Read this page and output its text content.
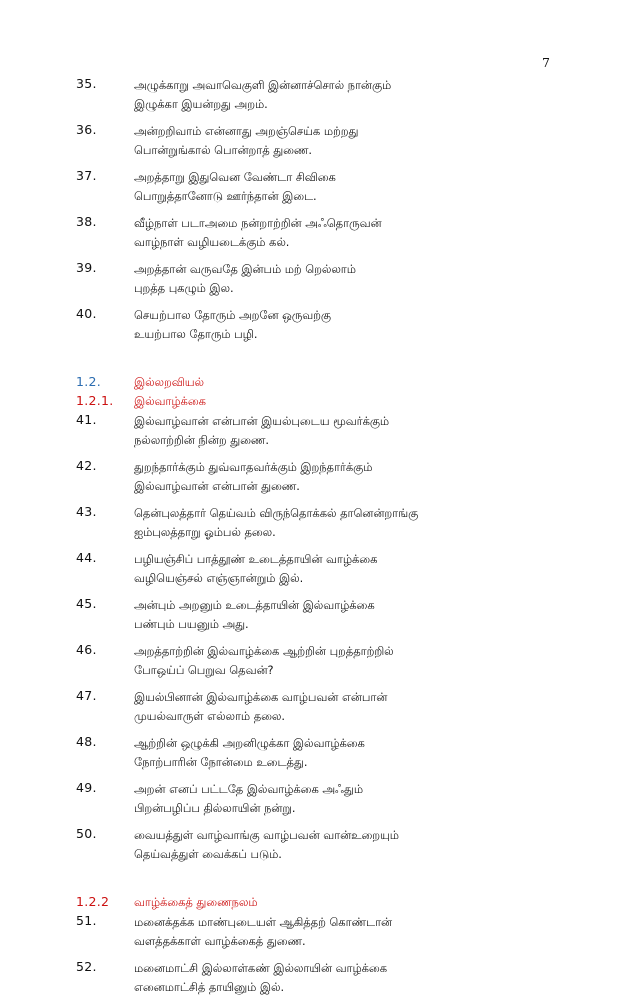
7
35.	அழுக்காறு அவாவெகுளி இன்னாச்சொல் நான்கும்
இழுக்கா இயன்றது அறம்.
36.	அன்றறிவாம் என்னாது அறஞ்செய்க மற்றது
பொன்றுங்கால் பொன்றாத் துணை.
37.	அறத்தாறு இதுவென வேண்டா சிவிகை
பொறுத்தானோடு ஊர்ந்தான் இடை.
38.	வீழ்நாள் படாஅமை நன்றாற்றின் அஃதொருவன்
வாழ்நாள் வழியடைக்கும் கல்.
39.	அறத்தான் வருவதே இன்பம் மற் றெல்லாம்
புறத்த புகழும் இல.
40.	செயற்பால தோரும் அறனே ஒருவற்கு
உயற்பால தோரும் பழி.
1.2.	இல்லறவியல்
1.2.1. இல்வாழ்க்கை
41.	இல்வாழ்வான் என்பான் இயல்புடைய மூவர்க்கும்
நல்லாற்றின் நின்ற துணை.
42.	துறந்தார்க்கும் துவ்வாதவர்க்கும் இறந்தார்க்கும்
இல்வாழ்வான் என்பான் துணை.
43.	தென்புலத்தார் தெய்வம் விருந்தொக்கல் தானென்றாங்கு
ஐம்புலத்தாறு ஓம்பல் தலை.
44.	பழியஞ்சிப் பாத்தூண் உடைத்தாயின் வாழ்க்கை
வழியெஞ்சல் எஞ்ஞான்றும் இல்.
45.	அன்பும் அறனும் உடைத்தாயின் இல்வாழ்க்கை
பண்பும் பயனும் அது.
46.	அறத்தாற்றின் இல்வாழ்க்கை ஆற்றின் புறத்தாற்றில்
போஒய்ப் பெறுவ தெவன்?
47.	இயல்பினான் இல்வாழ்க்கை வாழ்பவன் என்பான்
முயல்வாருள் எல்லாம் தலை.
48.	ஆற்றின் ஒழுக்கி அறனிழுக்கா இல்வாழ்க்கை
நோற்பாரின் நோன்மை உடைத்து.
49.	அறன் எனப் பட்டதே இல்வாழ்க்கை அஃதும்
பிறன்பழிப்ப தில்லாயின் நன்று.
50.	வையத்துள் வாழ்வாங்கு வாழ்பவன் வான்உறையும்
தெய்வத்துள் வைக்கப் படும்.
1.2.2 வாழ்க்கைத் துணைநலம்
51.	மனைக்தக்க மாண்புடையள் ஆகித்தற் கொண்டான்
வளத்தக்காள் வாழ்க்கைத் துணை.
52.	மனைமாட்சி இல்லாள்கண் இல்லாயின் வாழ்க்கை
எனைமாட்சித் தாயினும் இல்.
